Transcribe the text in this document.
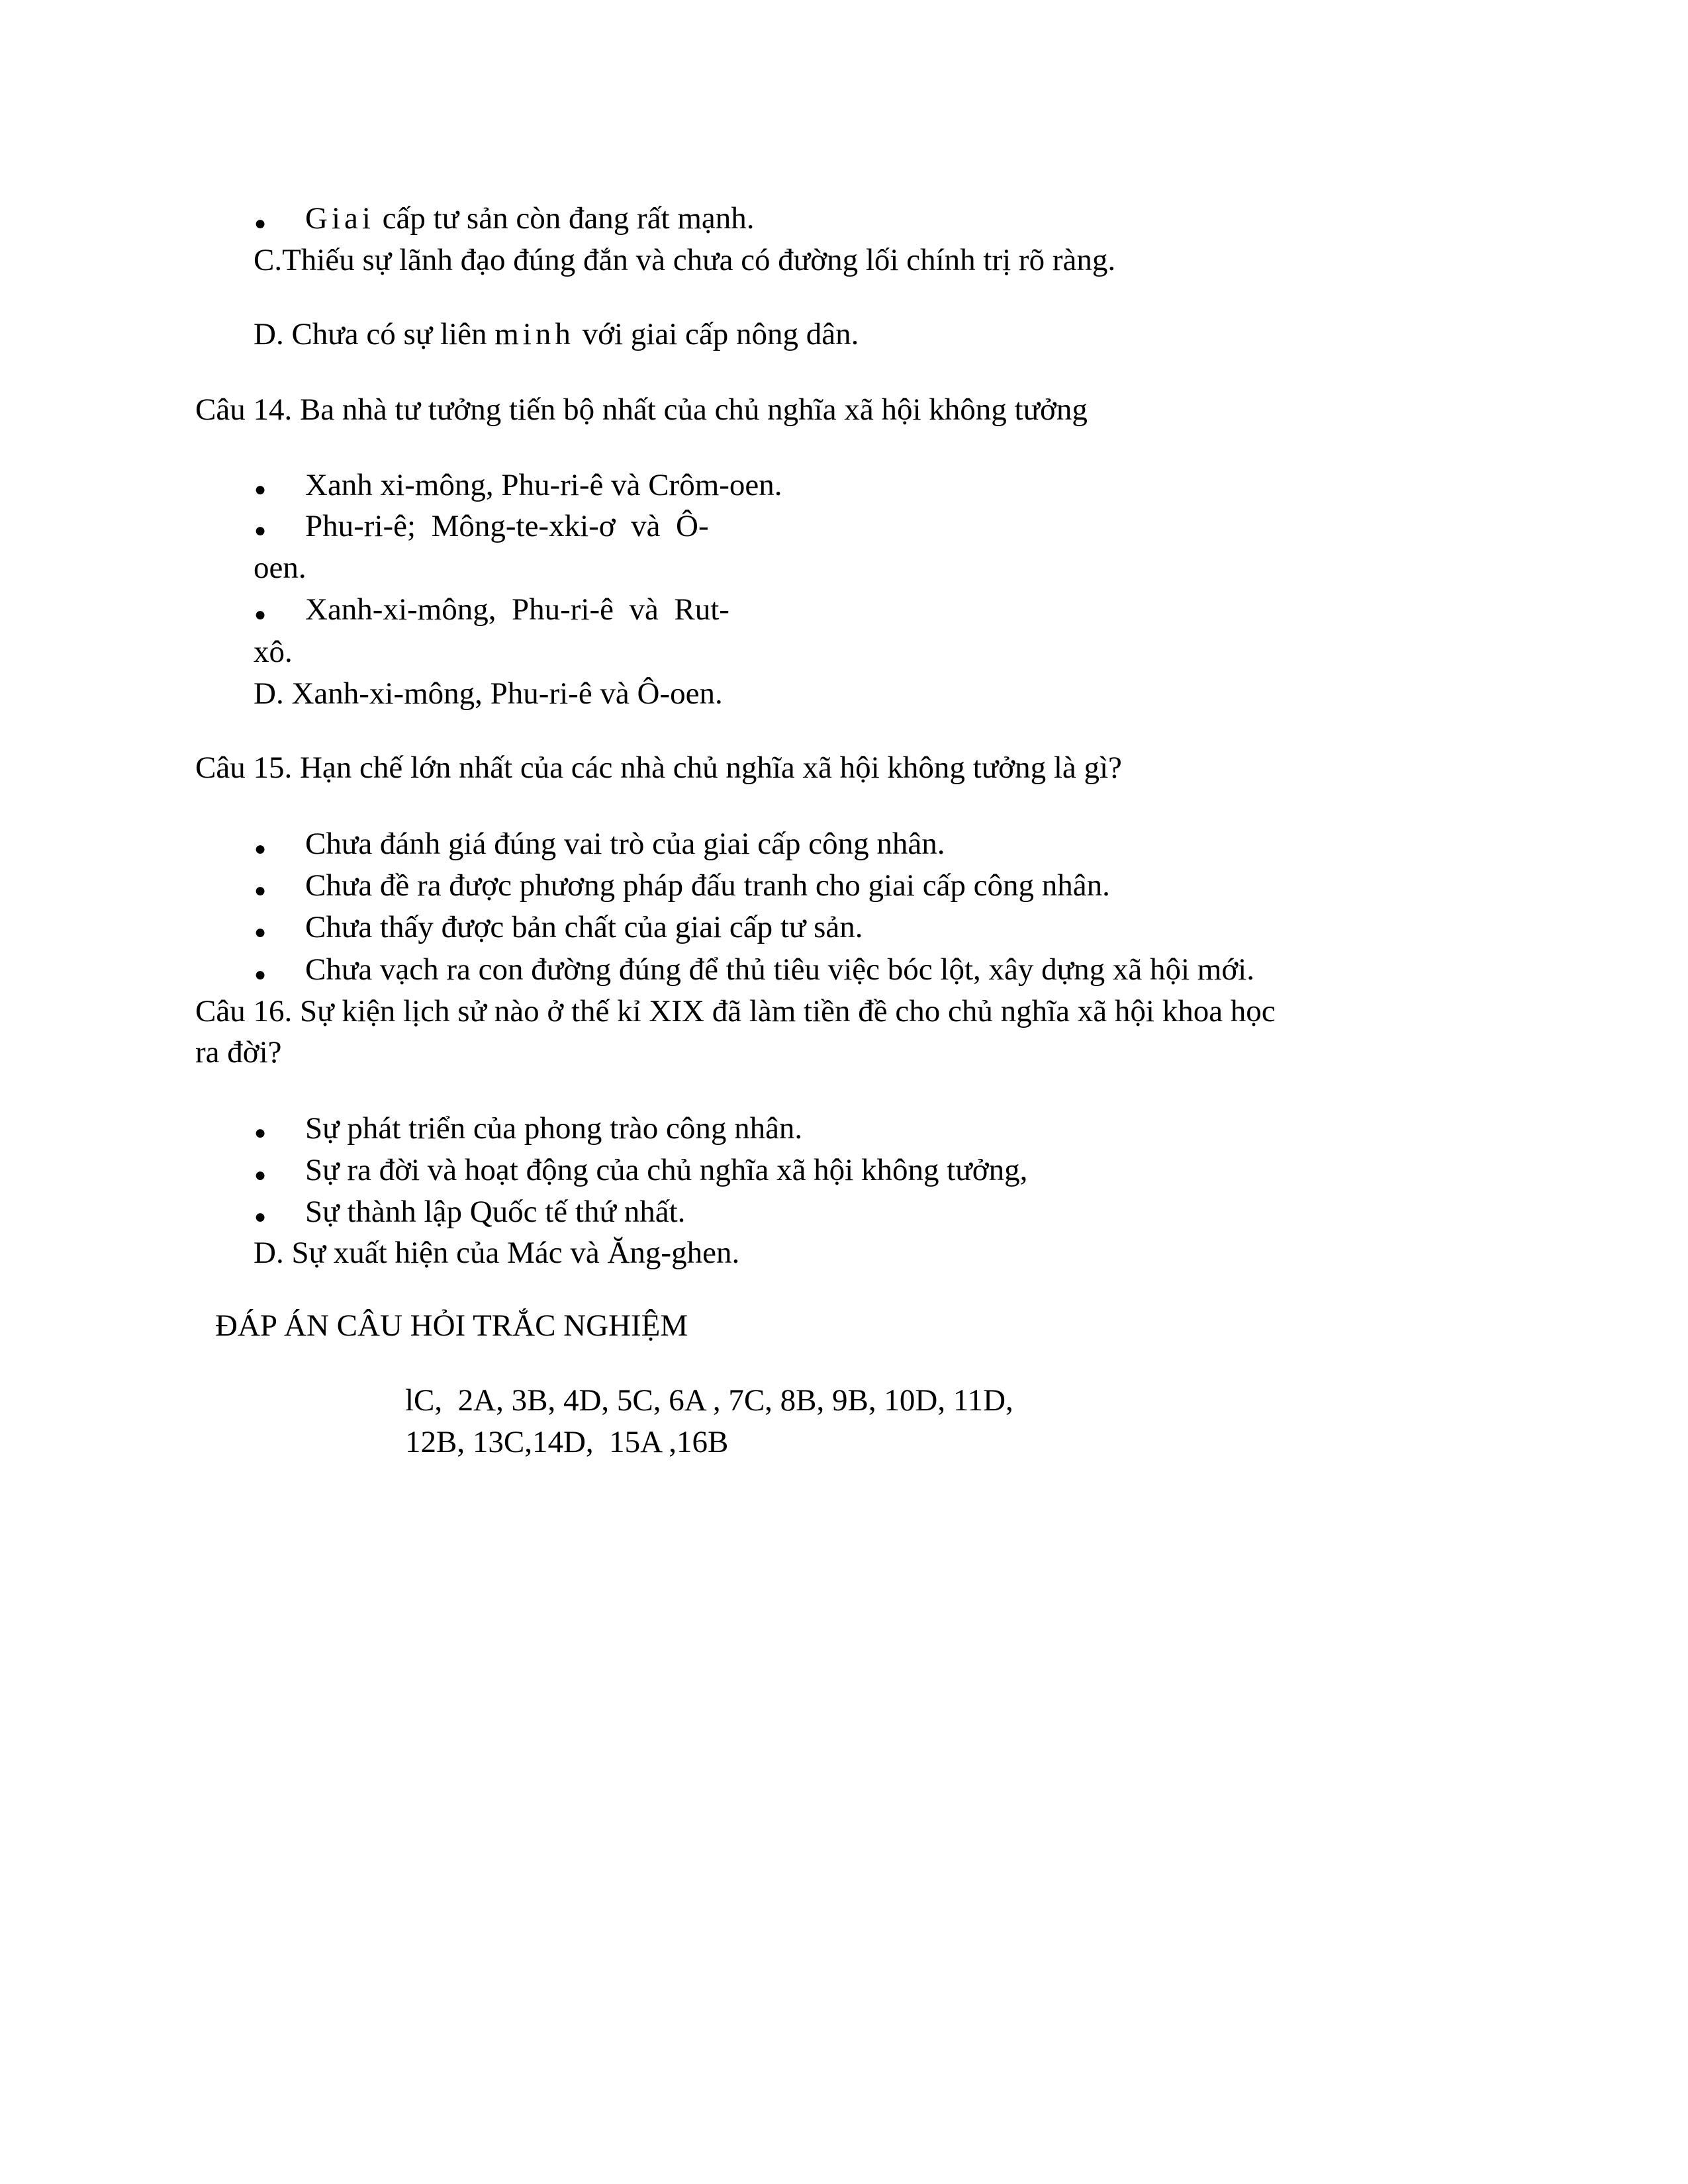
● Giai cấp tư sản còn đang rất mạnh.
C.Thiếu sự lãnh đạo đúng đắn và chưa có đường lối chính trị rõ ràng.
D. Chưa có sự liên minh với giai cấp nông dân.
Câu 14. Ba nhà tư tưởng tiến bộ nhất của chủ nghĩa xã hội không tưởng
● Xanh xi-mông, Phu-ri-ê và Crôm-oen.
● Phu-ri-ê;  Mông-te-xki-ơ  và  Ô-
oen.
● Xanh-xi-mông,  Phu-ri-ê  và  Rut-
xô.
D. Xanh-xi-mông, Phu-ri-ê và Ô-oen.
Câu 15. Hạn chế lớn nhất của các nhà chủ nghĩa xã hội không tưởng là gì?
● Chưa đánh giá đúng vai trò của giai cấp công nhân.
● Chưa đề ra được phương pháp đấu tranh cho giai cấp công nhân.
● Chưa thấy được bản chất của giai cấp tư sản.
● Chưa vạch ra con đường đúng để thủ tiêu việc bóc lột, xây dựng xã hội mới.
Câu 16. Sự kiện lịch sử nào ở thế kỉ XIX đã làm tiền đề cho chủ nghĩa xã hội khoa học
ra đời?
● Sự phát triển của phong trào công nhân.
● Sự ra đời và hoạt động của chủ nghĩa xã hội không tưởng,
● Sự thành lập Quốc tế thứ nhất.
D. Sự xuất hiện của Mác và Ăng-ghen.
ĐÁP ÁN CÂU HỎI TRẮC NGHIỆM
lC,  2A, 3B, 4D, 5C, 6A , 7C, 8B, 9B, 10D, 11D,
12B, 13C,14D,  15A ,16B
